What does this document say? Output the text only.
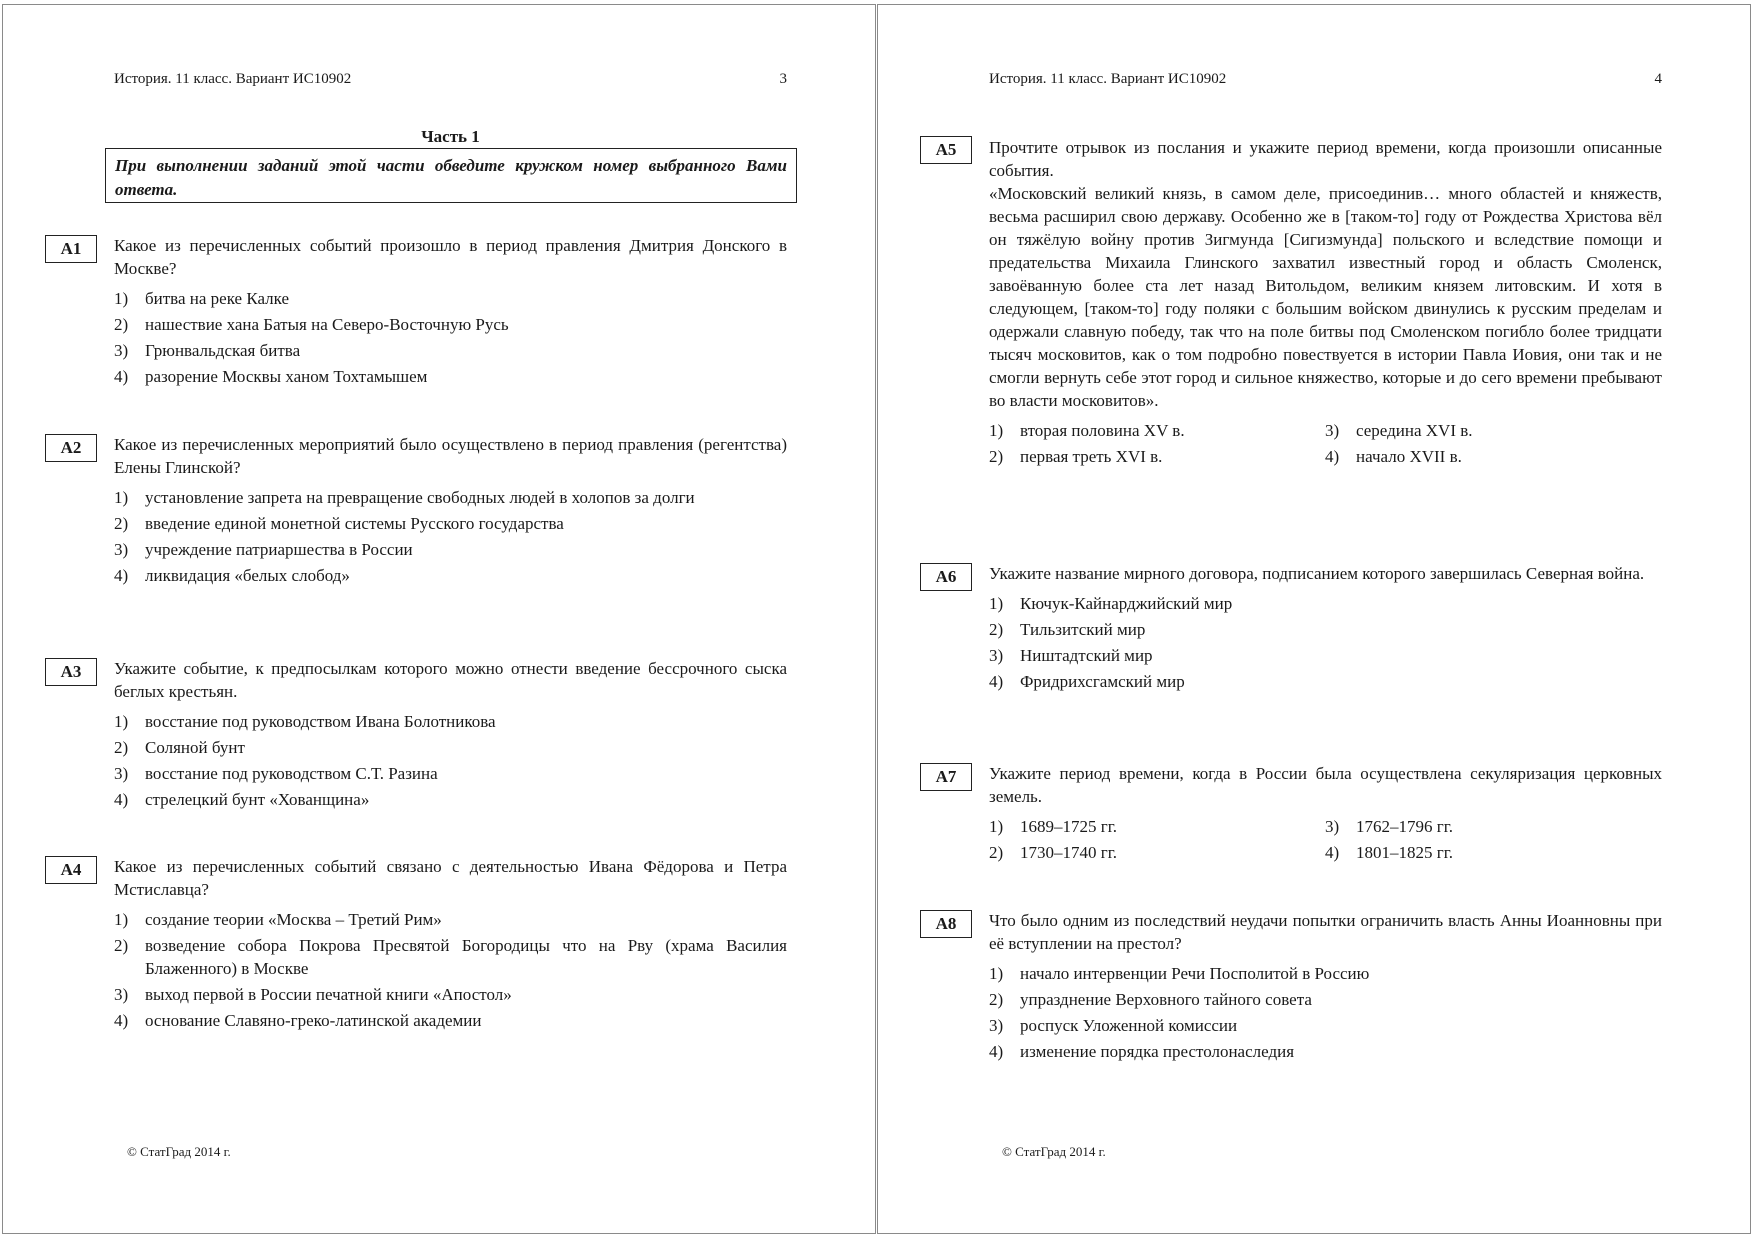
История. 11 класс. Вариант ИС10902	3
Часть 1
При выполнении заданий этой части обведите кружком номер выбранного Вами ответа.
А1	Какое из перечисленных событий произошло в период правления Дмитрия Донского в Москве?
1) битва на реке Калке
2) нашествие хана Батыя на Северо-Восточную Русь
3) Грюнвальдская битва
4) разорение Москвы ханом Тохтамышем
А2	Какое из перечисленных мероприятий было осуществлено в период правления (регентства) Елены Глинской?
1) установление запрета на превращение свободных людей в холопов за долги
2) введение единой монетной системы Русского государства
3) учреждение патриаршества в России
4) ликвидация «белых слобод»
А3	Укажите событие, к предпосылкам которого можно отнести введение бессрочного сыска беглых крестьян.
1) восстание под руководством Ивана Болотникова
2) Соляной бунт
3) восстание под руководством С.Т. Разина
4) стрелецкий бунт «Хованщина»
А4	Какое из перечисленных событий связано с деятельностью Ивана Фёдорова и Петра Мстиславца?
1) создание теории «Москва – Третий Рим»
2) возведение собора Покрова Пресвятой Богородицы что на Рву (храма Василия Блаженного) в Москве
3) выход первой в России печатной книги «Апостол»
4) основание Славяно-греко-латинской академии
© СтатГрад 2014 г.
История. 11 класс. Вариант ИС10902	4
А5	Прочтите отрывок из послания и укажите период времени, когда произошли описанные события.
«Московский великий князь, в самом деле, присоединив… много областей и княжеств, весьма расширил свою державу. Особенно же в [таком-то] году от Рождества Христова вёл он тяжёлую войну против Зигмунда [Сигизмунда] польского и вследствие помощи и предательства Михаила Глинского захватил известный город и область Смоленск, завоёванную более ста лет назад Витольдом, великим князем литовским. И хотя в следующем, [таком-то] году поляки с большим войском двинулись к русским пределам и одержали славную победу, так что на поле битвы под Смоленском погибло более тридцати тысяч московитов, как о том подробно повествуется в истории Павла Иовия, они так и не смогли вернуть себе этот город и сильное княжество, которые и до сего времени пребывают во власти московитов».
1) вторая половина XV в.	3) середина XVI в.
2) первая треть XVI в.	4) начало XVII в.
А6	Укажите название мирного договора, подписанием которого завершилась Северная война.
1) Кючук-Кайнарджийский мир
2) Тильзитский мир
3) Ништадтский мир
4) Фридрихсгамский мир
А7	Укажите период времени, когда в России была осуществлена секуляризация церковных земель.
1) 1689–1725 гг.	3) 1762–1796 гг.
2) 1730–1740 гг.	4) 1801–1825 гг.
А8	Что было одним из последствий неудачи попытки ограничить власть Анны Иоанновны при её вступлении на престол?
1) начало интервенции Речи Посполитой в Россию
2) упразднение Верховного тайного совета
3) роспуск Уложенной комиссии
4) изменение порядка престолонаследия
© СтатГрад 2014 г.
